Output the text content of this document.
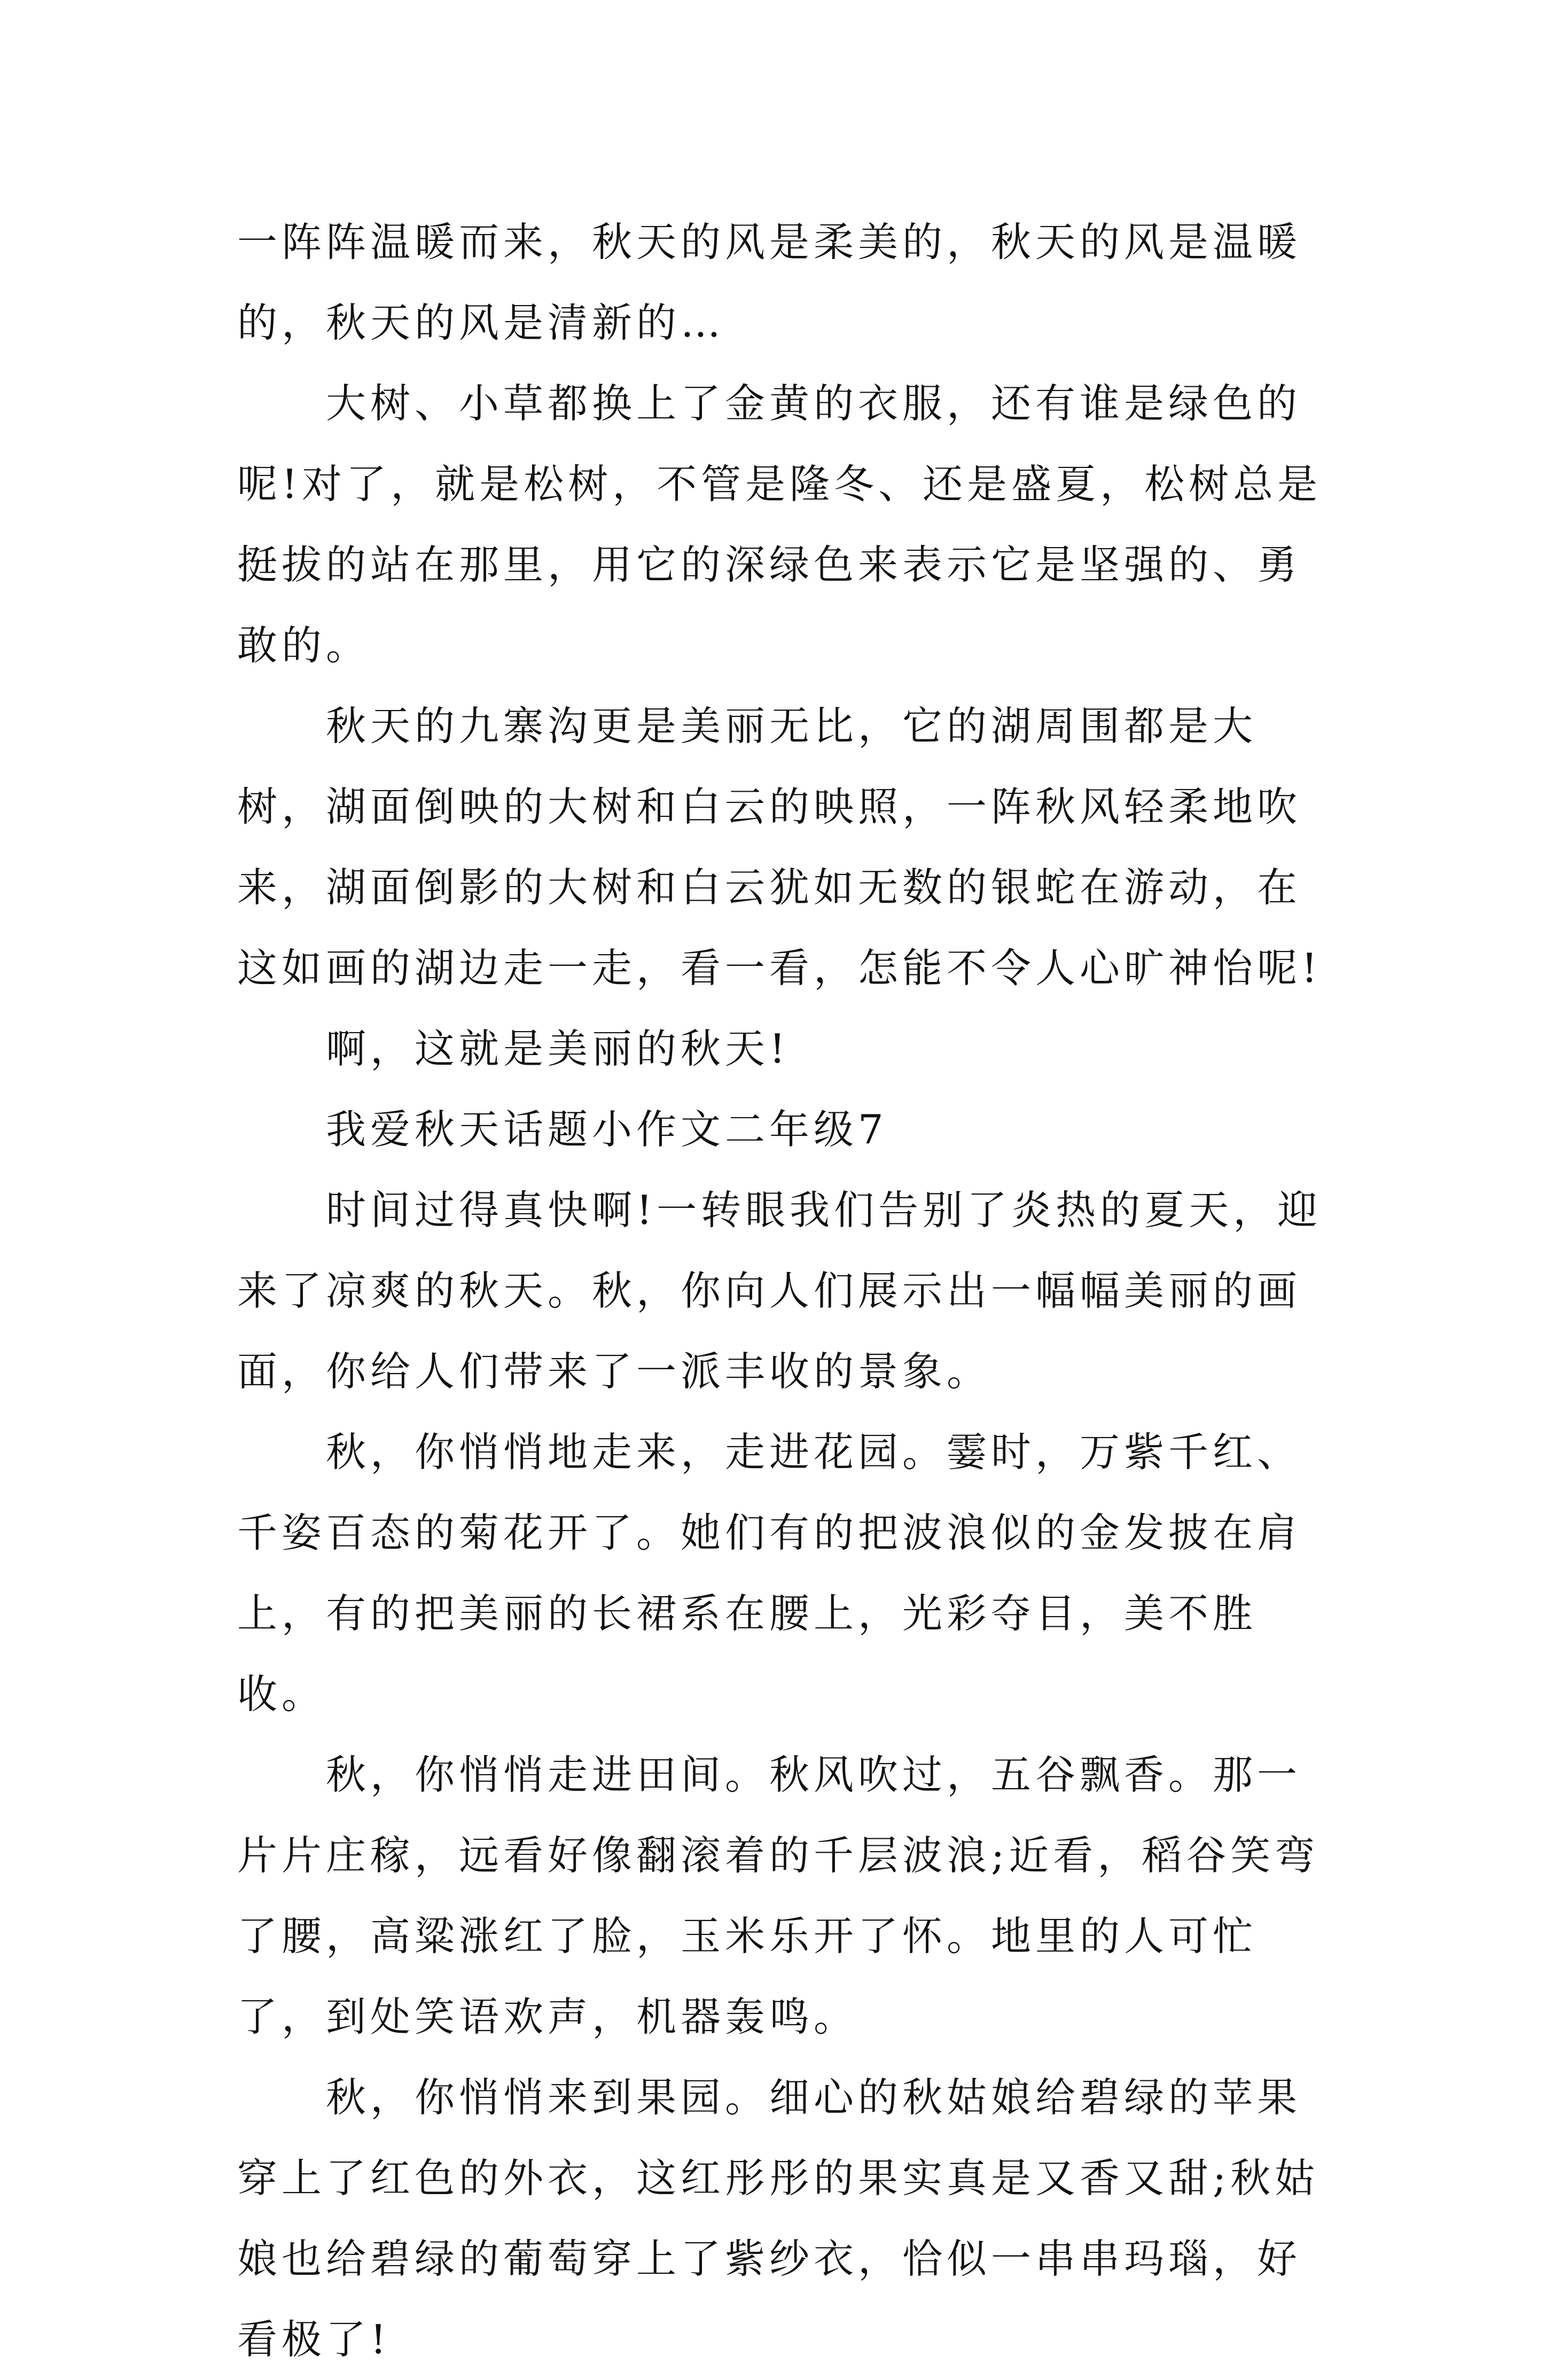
一阵阵温暖而来，秋天的风是柔美的，秋天的风是温暖的，秋天的风是清新的…

大树、小草都换上了金黄的衣服，还有谁是绿色的呢!对了，就是松树，不管是隆冬、还是盛夏，松树总是挺拔的站在那里，用它的深绿色来表示它是坚强的、勇敢的。

秋天的九寨沟更是美丽无比，它的湖周围都是大树，湖面倒映的大树和白云的映照，一阵秋风轻柔地吹来，湖面倒影的大树和白云犹如无数的银蛇在游动，在这如画的湖边走一走，看一看，怎能不令人心旷神怡呢!

啊，这就是美丽的秋天!

我爱秋天话题小作文二年级7

时间过得真快啊!一转眼我们告别了炎热的夏天，迎来了凉爽的秋天。秋，你向人们展示出一幅幅美丽的画面，你给人们带来了一派丰收的景象。

秋，你悄悄地走来，走进花园。霎时，万紫千红、千姿百态的菊花开了。她们有的把波浪似的金发披在肩上，有的把美丽的长裙系在腰上，光彩夺目，美不胜收。

秋，你悄悄走进田间。秋风吹过，五谷飘香。那一片片庄稼，远看好像翻滚着的千层波浪;近看，稻谷笑弯了腰，高粱涨红了脸，玉米乐开了怀。地里的人可忙了，到处笑语欢声，机器轰鸣。

秋，你悄悄来到果园。细心的秋姑娘给碧绿的苹果穿上了红色的外衣，这红彤彤的果实真是又香又甜;秋姑娘也给碧绿的葡萄穿上了紫纱衣，恰似一串串玛瑙，好看极了!
